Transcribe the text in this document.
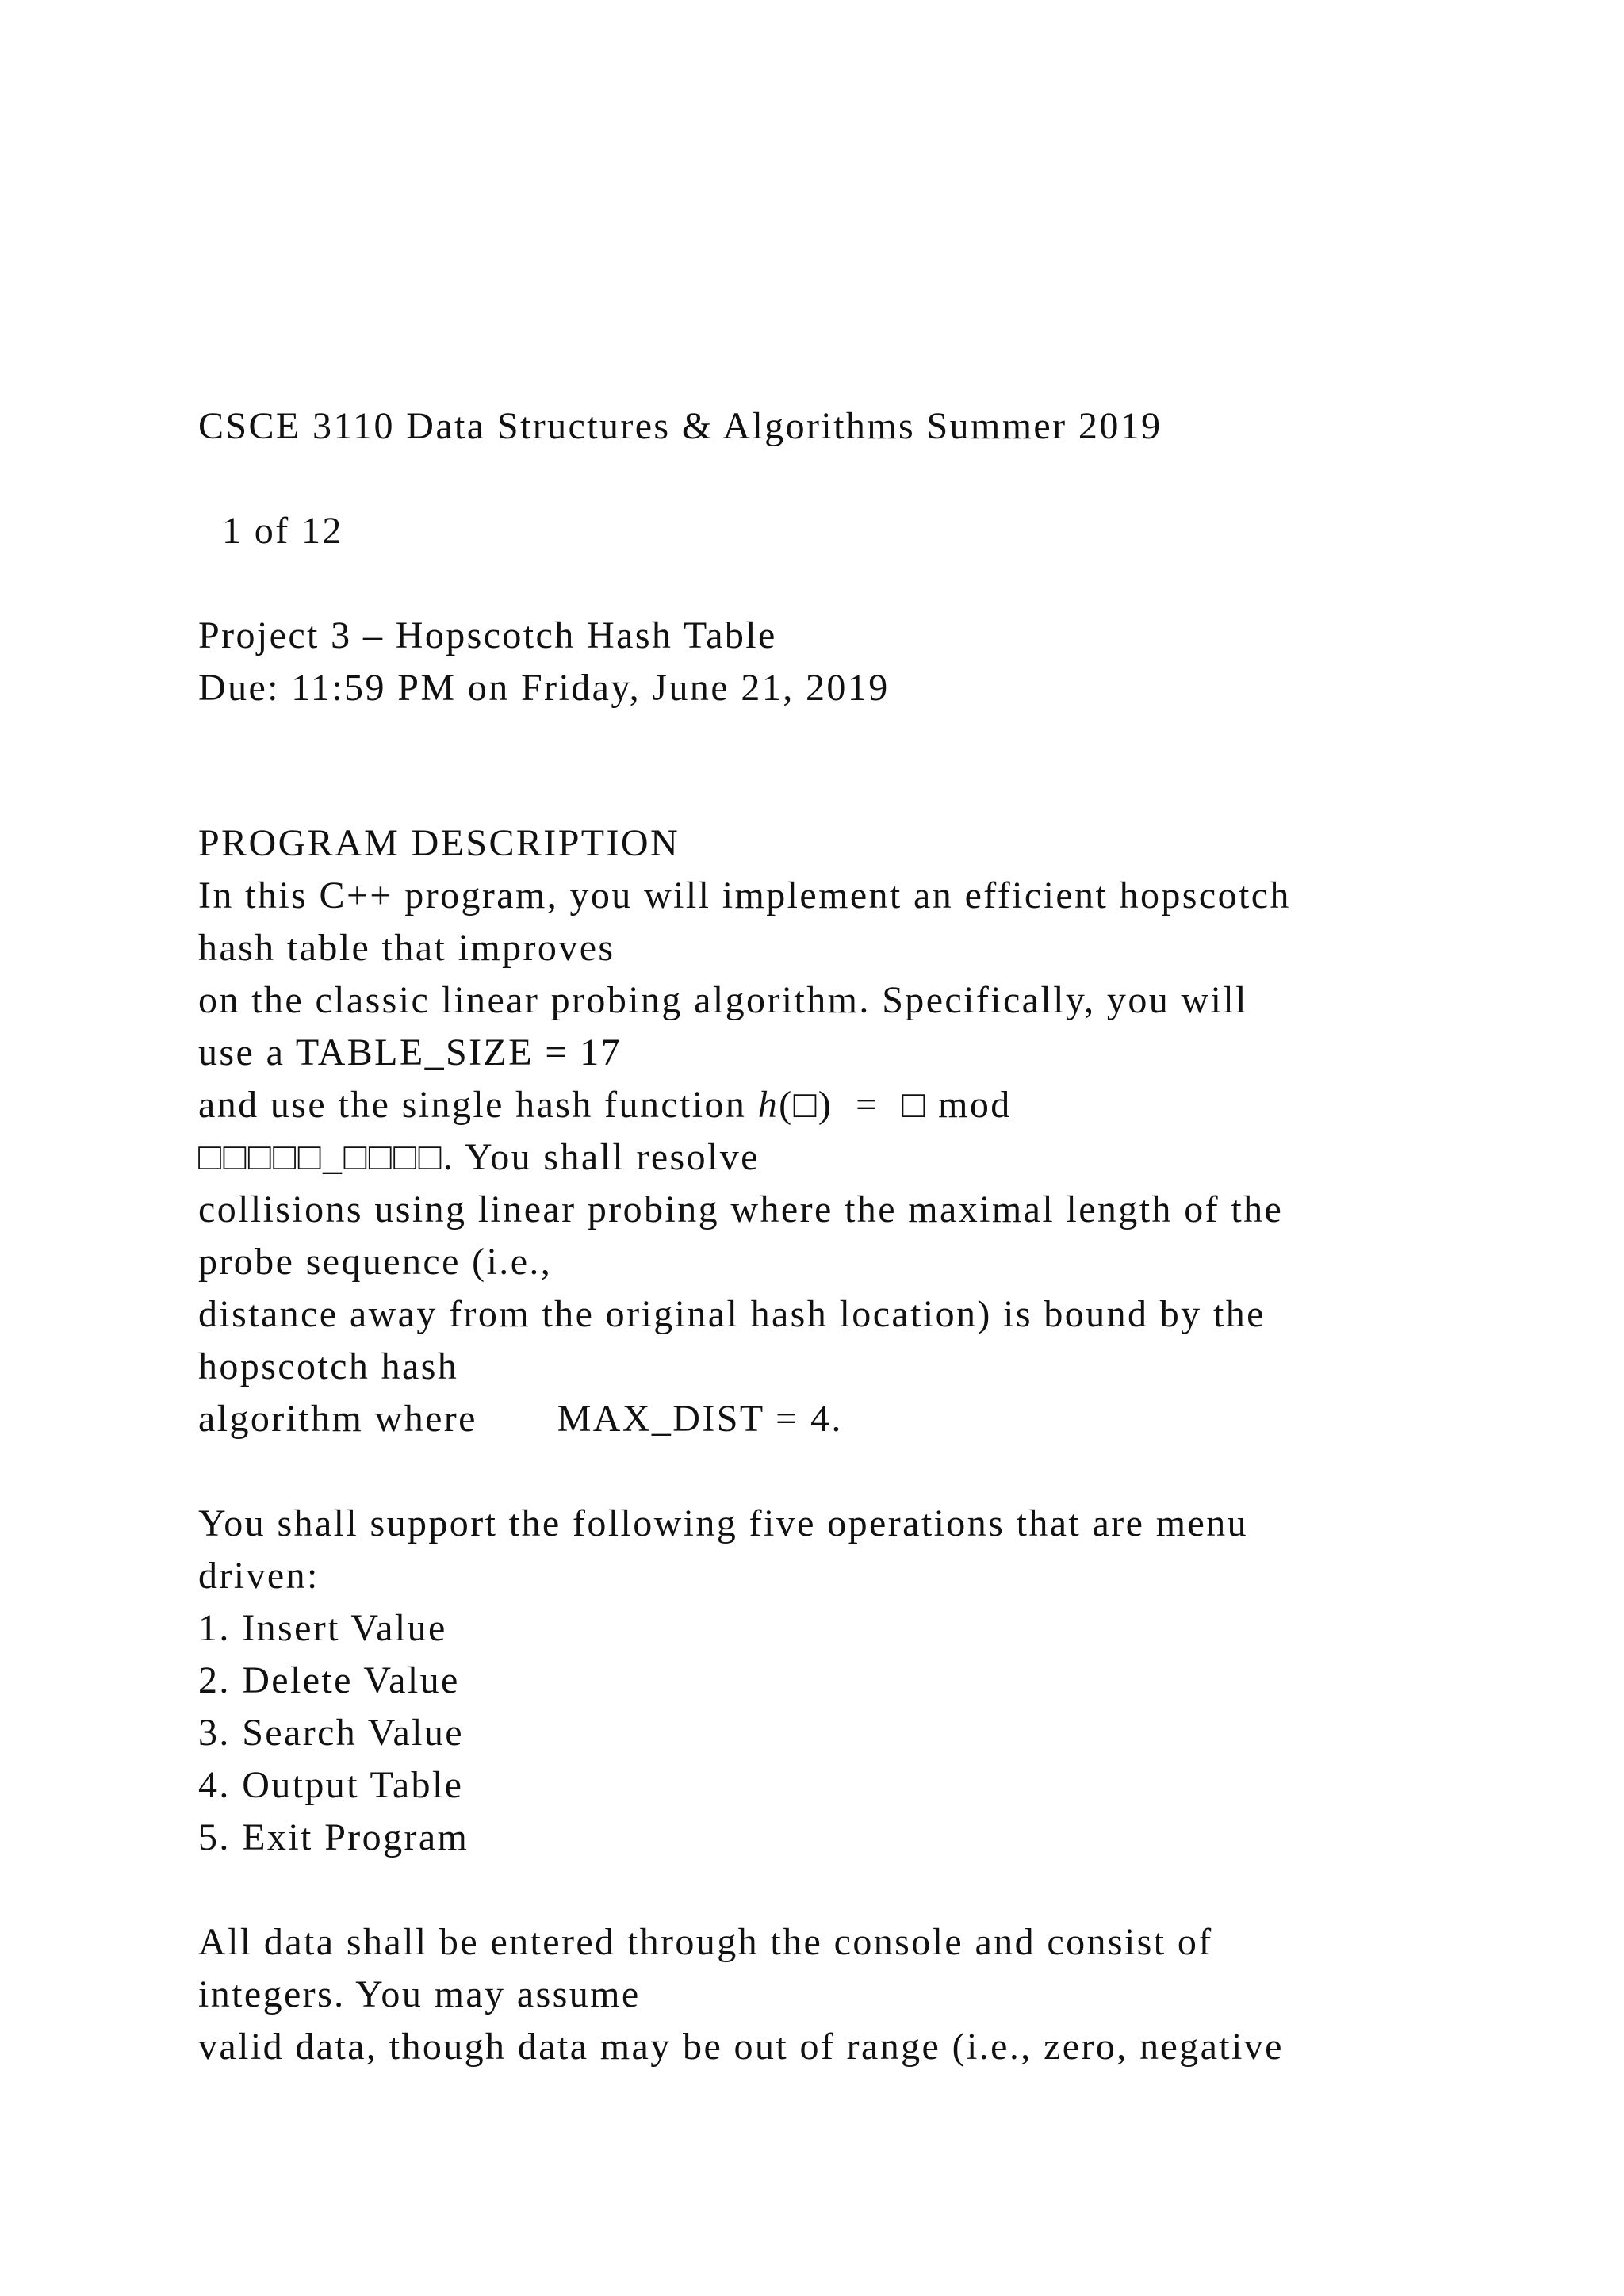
CSCE 3110 Data Structures & Algorithms Summer 2019
1 of 12
Project 3 – Hopscotch Hash Table
Due: 11:59 PM on Friday, June 21, 2019
PROGRAM DESCRIPTION
In this C++ program, you will implement an efficient hopscotch
hash table that improves
on the classic linear probing algorithm. Specifically, you will
use a TABLE_SIZE = 17
and use the single hash function h(□)  =  □ mod
□□□□□_□□□□. You shall resolve
collisions using linear probing where the maximal length of the
probe sequence (i.e.,
distance away from the original hash location) is bound by the
hopscotch hash
algorithm where       MAX_DIST = 4.
You shall support the following five operations that are menu
driven:
1. Insert Value
2. Delete Value
3. Search Value
4. Output Table
5. Exit Program
All data shall be entered through the console and consist of
integers. You may assume
valid data, though data may be out of range (i.e., zero, negative
